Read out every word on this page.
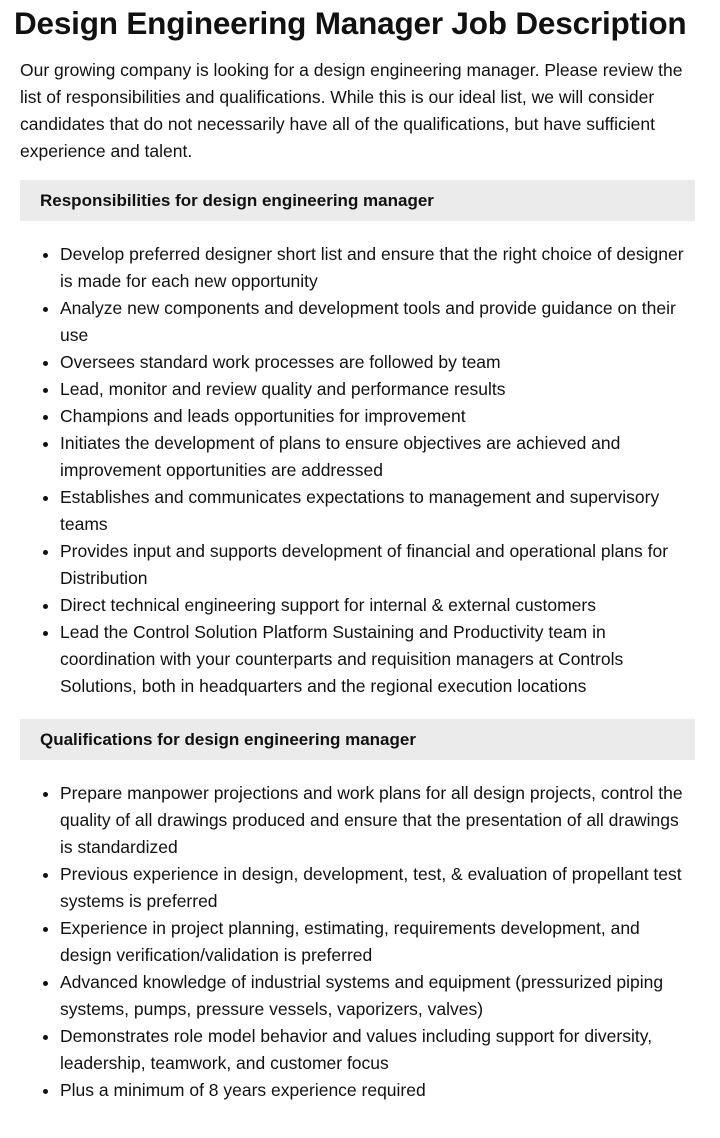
Design Engineering Manager Job Description

Our growing company is looking for a design engineering manager. Please review the list of responsibilities and qualifications. While this is our ideal list, we will consider candidates that do not necessarily have all of the qualifications, but have sufficient experience and talent.

Responsibilities for design engineering manager
• Develop preferred designer short list and ensure that the right choice of designer is made for each new opportunity
• Analyze new components and development tools and provide guidance on their use
• Oversees standard work processes are followed by team
• Lead, monitor and review quality and performance results
• Champions and leads opportunities for improvement
• Initiates the development of plans to ensure objectives are achieved and improvement opportunities are addressed
• Establishes and communicates expectations to management and supervisory teams
• Provides input and supports development of financial and operational plans for Distribution
• Direct technical engineering support for internal & external customers
• Lead the Control Solution Platform Sustaining and Productivity team in coordination with your counterparts and requisition managers at Controls Solutions, both in headquarters and the regional execution locations
Qualifications for design engineering manager
• Prepare manpower projections and work plans for all design projects, control the quality of all drawings produced and ensure that the presentation of all drawings is standardized
• Previous experience in design, development, test, & evaluation of propellant test systems is preferred
• Experience in project planning, estimating, requirements development, and design verification/validation is preferred
• Advanced knowledge of industrial systems and equipment (pressurized piping systems, pumps, pressure vessels, vaporizers, valves)
• Demonstrates role model behavior and values including support for diversity, leadership, teamwork, and customer focus
• Plus a minimum of 8 years experience required
